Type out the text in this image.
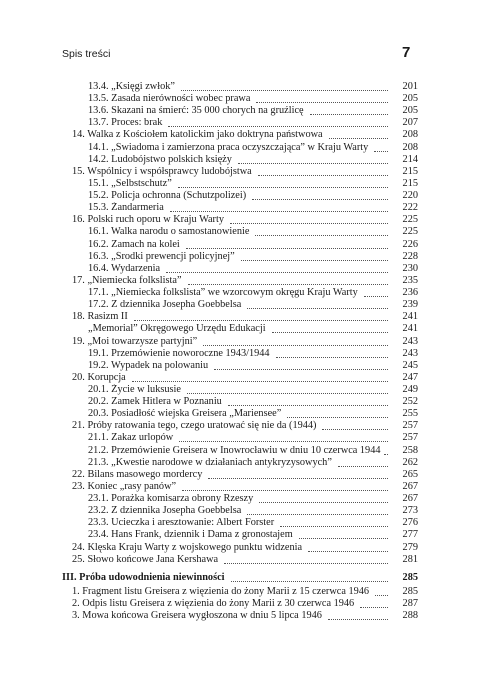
Spis treści	7
13.4. „Księgi zwłok”	201
13.5. Zasada nierówności wobec prawa	205
13.6. Skazani na śmierć: 35 000 chorych na gruźlicę	205
13.7. Proces: brak	207
14. Walka z Kościołem katolickim jako doktryna państwowa	208
14.1. „Świadoma i zamierzona praca oczyszczająca” w Kraju Warty	208
14.2. Ludobójstwo polskich księży	214
15. Wspólnicy i współsprawcy ludobójstwa	215
15.1. „Selbstschutz”	215
15.2. Policja ochronna (Schutzpolizei)	220
15.3. Żandarmeria	222
16. Polski ruch oporu w Kraju Warty	225
16.1. Walka narodu o samostanowienie	225
16.2. Zamach na kolei	226
16.3. „Środki prewencji policyjnej”	228
16.4. Wydarzenia	230
17. „Niemiecka folkslista”	235
17.1. „Niemiecka folkslista” we wzorcowym okręgu Kraju Warty	236
17.2. Z dziennika Josepha Goebbelsa	239
18. Rasizm II	241
„Memorial” Okręgowego Urzędu Edukacji	241
19. „Moi towarzysze partyjni”	243
19.1. Przemówienie noworoczne 1943/1944	243
19.2. Wypadek na polowaniu	245
20. Korupcja	247
20.1. Życie w luksusie	249
20.2. Zamek Hitlera w Poznaniu	252
20.3. Posiadłość wiejska Greisera „Mariensee”	255
21. Próby ratowania tego, czego uratować się nie da (1944)	257
21.1. Zakaz urlopów	257
21.2. Przemówienie Greisera w Inowrocławiu w dniu 10 czerwca 1944	258
21.3. „Kwestie narodowe w działaniach antykryzysowych”	262
22. Bilans masowego mordercy	265
23. Koniec „rasy panów”	267
23.1. Porażka komisarza obrony Rzeszy	267
23.2. Z dziennika Josepha Goebbelsa	273
23.3. Ucieczka i aresztowanie: Albert Forster	276
23.4. Hans Frank, dziennik i Dama z gronostajem	277
24. Klęska Kraju Warty z wojskowego punktu widzenia	279
25. Słowo końcowe Jana Kershawa	281
III. Próba udowodnienia niewinności	285
1. Fragment listu Greisera z więzienia do żony Marii z 15 czerwca 1946	285
2. Odpis listu Greisera z więzienia do żony Marii z 30 czerwca 1946	287
3. Mowa końcowa Greisera wygłoszona w dniu 5 lipca 1946	288
